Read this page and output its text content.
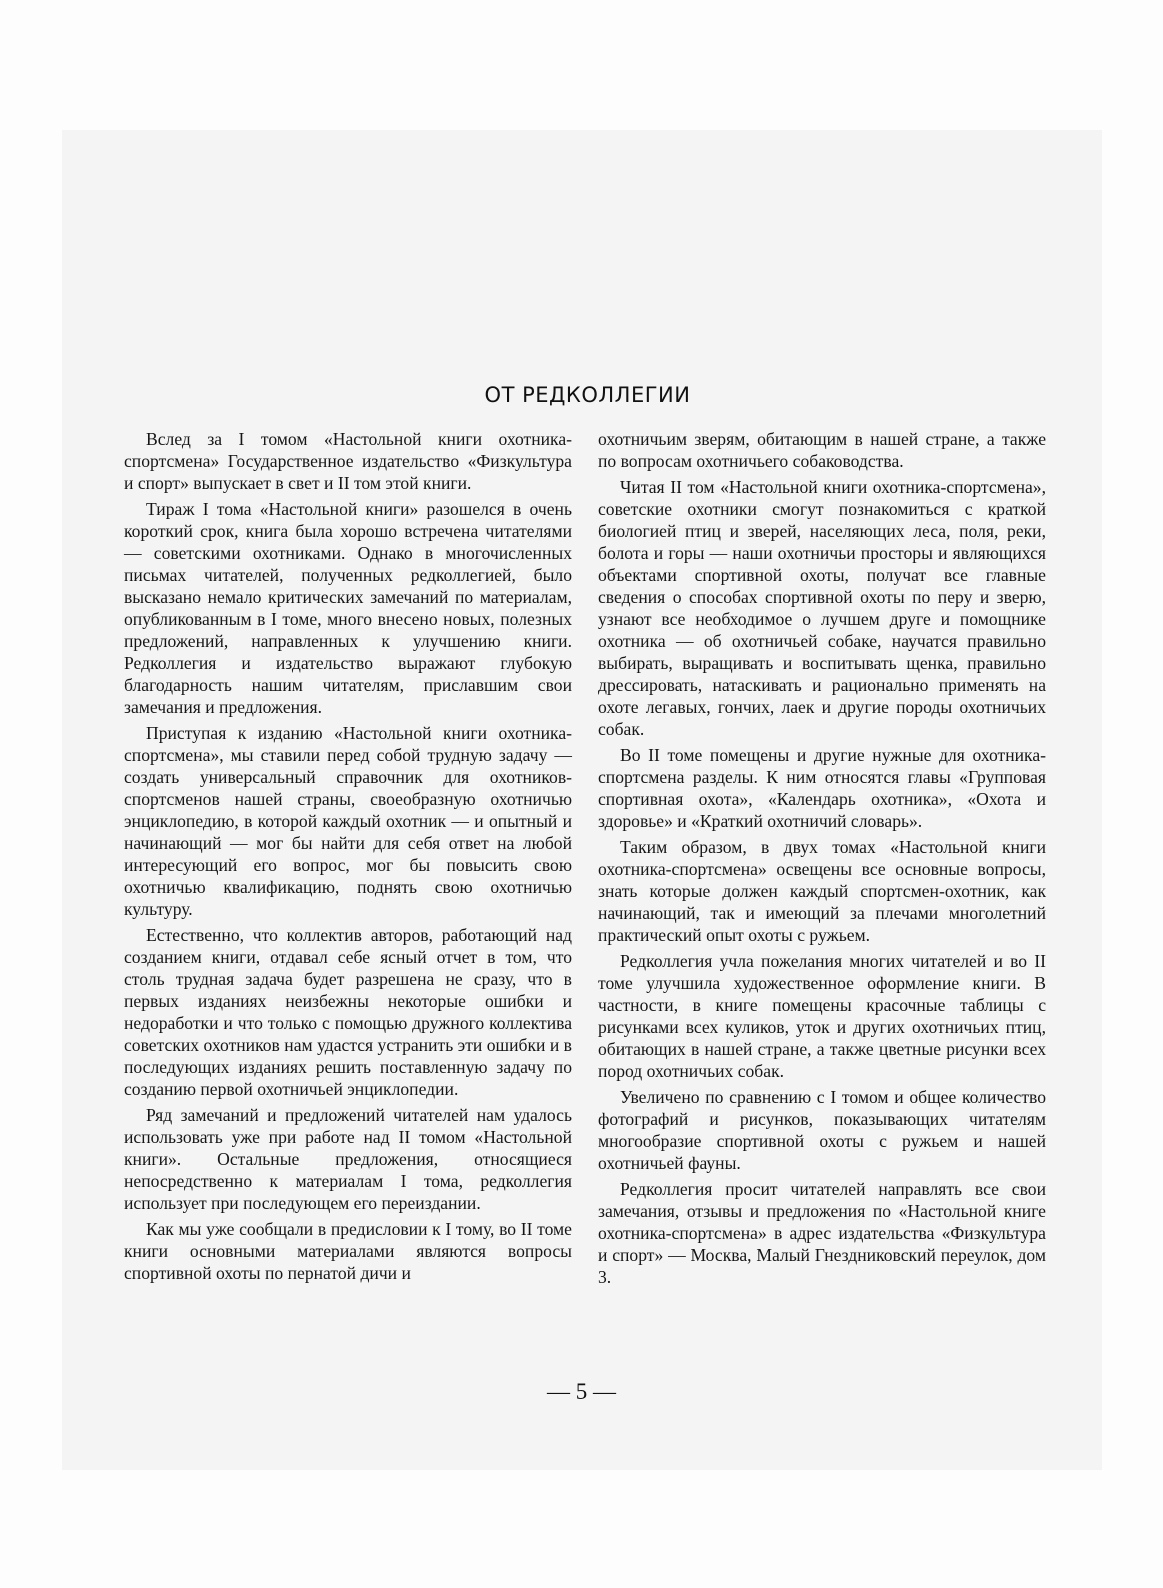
ОТ РЕДКОЛЛЕГИИ

Вслед за I томом «Настольной книги охотника-спортсмена» Государственное издательство «Физкультура и спорт» выпускает в свет и II том этой книги.

Тираж I тома «Настольной книги» разошелся в очень короткий срок, книга была хорошо встречена читателями — советскими охотниками. Однако в многочисленных письмах читателей, полученных редколлегией, было высказано немало критических замечаний по материалам, опубликованным в I томе, много внесено новых, полезных предложений, направленных к улучшению книги. Редколлегия и издательство выражают глубокую благодарность нашим читателям, приславшим свои замечания и предложения.

Приступая к изданию «Настольной книги охотника-спортсмена», мы ставили перед собой трудную задачу — создать универсальный справочник для охотников-спортсменов нашей страны, своеобразную охотничью энциклопедию, в которой каждый охотник — и опытный и начинающий — мог бы найти для себя ответ на любой интересующий его вопрос, мог бы повысить свою охотничью квалификацию, поднять свою охотничью культуру.

Естественно, что коллектив авторов, работающий над созданием книги, отдавал себе ясный отчет в том, что столь трудная задача будет разрешена не сразу, что в первых изданиях неизбежны некоторые ошибки и недоработки и что только с помощью дружного коллектива советских охотников нам удастся устранить эти ошибки и в последующих изданиях решить поставленную задачу по созданию первой охотничьей энциклопедии.

Ряд замечаний и предложений читателей нам удалось использовать уже при работе над II томом «Настольной книги». Остальные предложения, относящиеся непосредственно к материалам I тома, редколлегия использует при последующем его переиздании.

Как мы уже сообщали в предисловии к I тому, во II томе книги основными материалами являются вопросы спортивной охоты по пернатой дичи и

охотничьим зверям, обитающим в нашей стране, а также по вопросам охотничьего собаководства.

Читая II том «Настольной книги охотника-спортсмена», советские охотники смогут познакомиться с краткой биологией птиц и зверей, населяющих леса, поля, реки, болота и горы — наши охотничьи просторы и являющихся объектами спортивной охоты, получат все главные сведения о способах спортивной охоты по перу и зверю, узнают все необходимое о лучшем друге и помощнике охотника — об охотничьей собаке, научатся правильно выбирать, выращивать и воспитывать щенка, правильно дрессировать, натаскивать и рационально применять на охоте легавых, гончих, лаек и другие породы охотничьих собак.

Во II томе помещены и другие нужные для охотника-спортсмена разделы. К ним относятся главы «Групповая спортивная охота», «Календарь охотника», «Охота и здоровье» и «Краткий охотничий словарь».

Таким образом, в двух томах «Настольной книги охотника-спортсмена» освещены все основные вопросы, знать которые должен каждый спортсмен-охотник, как начинающий, так и имеющий за плечами многолетний практический опыт охоты с ружьем.

Редколлегия учла пожелания многих читателей и во II томе улучшила художественное оформление книги. В частности, в книге помещены красочные таблицы с рисунками всех куликов, уток и других охотничьих птиц, обитающих в нашей стране, а также цветные рисунки всех пород охотничьих собак.

Увеличено по сравнению с I томом и общее количество фотографий и рисунков, показывающих читателям многообразие спортивной охоты с ружьем и нашей охотничьей фауны.

Редколлегия просит читателей направлять все свои замечания, отзывы и предложения по «Настольной книге охотника-спортсмена» в адрес издательства «Физкультура и спорт» — Москва, Малый Гнездниковский переулок, дом 3.

— 5 —
